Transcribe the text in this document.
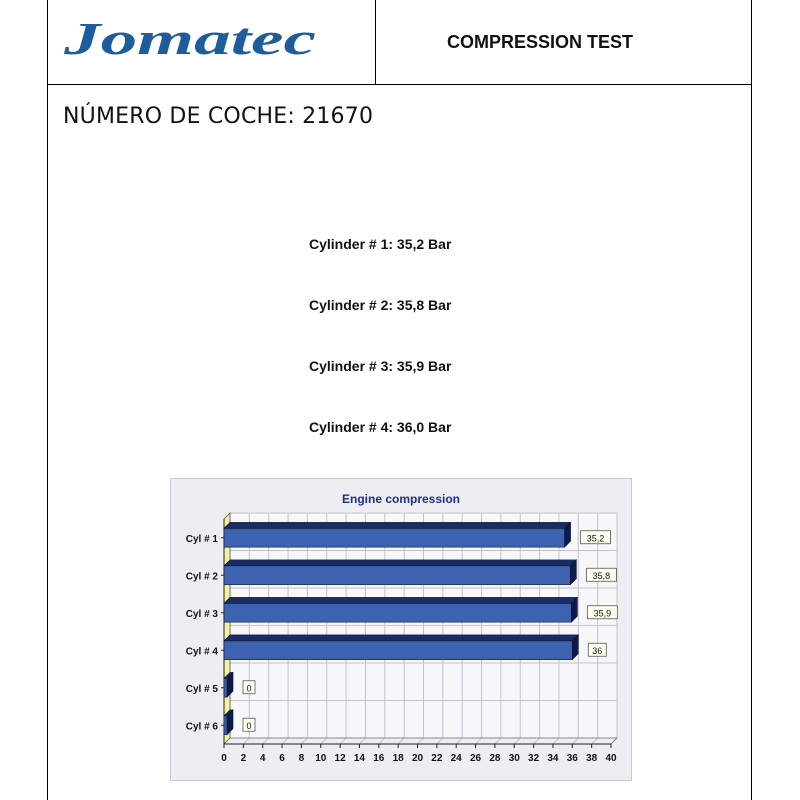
Jomatec	COMPRESSION TEST
NÚMERO DE COCHE: 21670

Cylinder # 1: 35,2 Bar

Cylinder # 2: 35,8 Bar

Cylinder # 3: 35,9 Bar

Cylinder # 4: 36,0 Bar

Engine compression
0 2 4 6 8 10 12 14 16 18 20 22 24 26 28 30 32 34 36 38 40
Cyl # 1	35,2
Cyl # 2	35,8
Cyl # 3	35,9
Cyl # 4	36
Cyl # 5	0
Cyl # 6	0
